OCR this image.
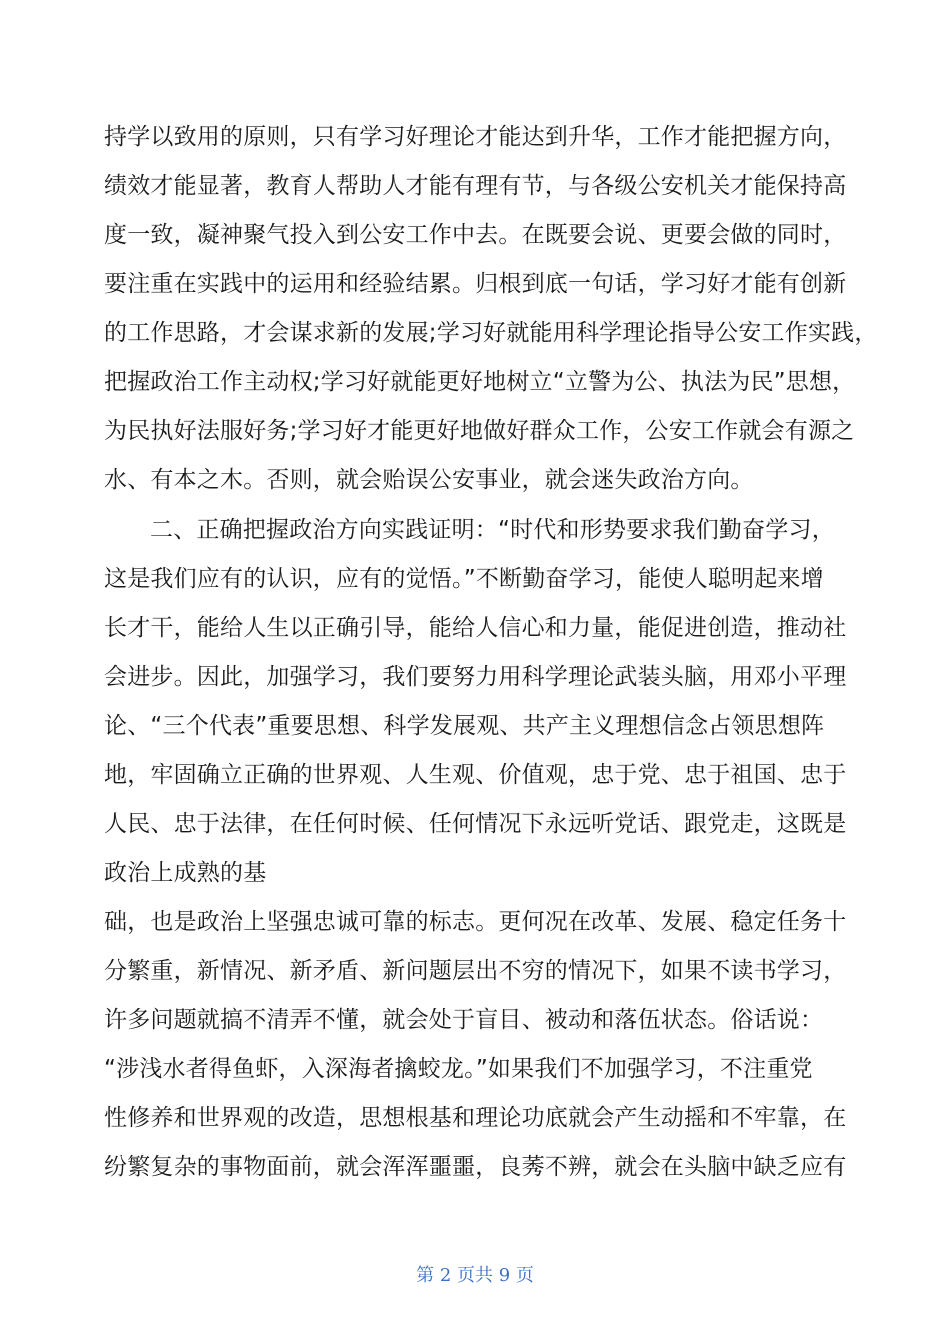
持学以致用的原则，只有学习好理论才能达到升华，工作才能把握方向，
绩效才能显著，教育人帮助人才能有理有节，与各级公安机关才能保持高
度一致，凝神聚气投入到公安工作中去。在既要会说、更要会做的同时，
要注重在实践中的运用和经验结累。归根到底一句话，学习好才能有创新
的工作思路，才会谋求新的发展;学习好就能用科学理论指导公安工作实践，
把握政治工作主动权;学习好就能更好地树立“立警为公、执法为民”思想，
为民执好法服好务;学习好才能更好地做好群众工作，公安工作就会有源之
水、有本之木。否则，就会贻误公安事业，就会迷失政治方向。
二、正确把握政治方向实践证明：“时代和形势要求我们勤奋学习，
这是我们应有的认识，应有的觉悟。”不断勤奋学习，能使人聪明起来增
长才干，能给人生以正确引导，能给人信心和力量，能促进创造，推动社
会进步。因此，加强学习，我们要努力用科学理论武装头脑，用邓小平理
论、“三个代表”重要思想、科学发展观、共产主义理想信念占领思想阵
地，牢固确立正确的世界观、人生观、价值观，忠于党、忠于祖国、忠于
人民、忠于法律，在任何时候、任何情况下永远听党话、跟党走，这既是
政治上成熟的基
础，也是政治上坚强忠诚可靠的标志。更何况在改革、发展、稳定任务十
分繁重，新情况、新矛盾、新问题层出不穷的情况下，如果不读书学习，
许多问题就搞不清弄不懂，就会处于盲目、被动和落伍状态。俗话说：
“涉浅水者得鱼虾，入深海者擒蛟龙。”如果我们不加强学习，不注重党
性修养和世界观的改造，思想根基和理论功底就会产生动摇和不牢靠，在
纷繁复杂的事物面前，就会浑浑噩噩，良莠不辨，就会在头脑中缺乏应有
第 2 页共 9 页
